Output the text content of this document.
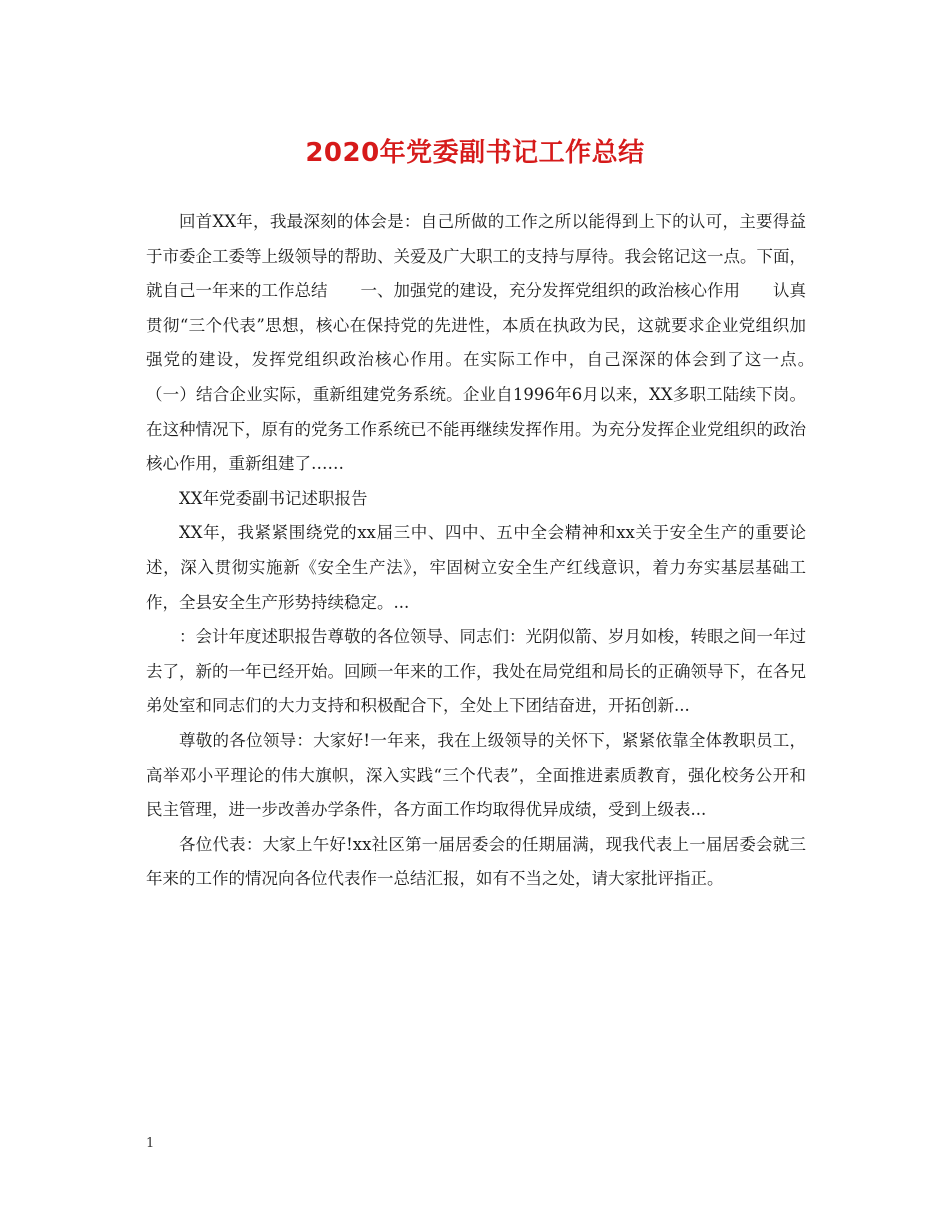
2020年党委副书记工作总结

回首XX年，我最深刻的体会是：自己所做的工作之所以能得到上下的认可，主要得益于市委企工委等上级领导的帮助、关爱及广大职工的支持与厚待。我会铭记这一点。下面，就自己一年来的工作总结　　一、加强党的建设，充分发挥党组织的政治核心作用　　认真贯彻“三个代表”思想，核心在保持党的先进性，本质在执政为民，这就要求企业党组织加强党的建设，发挥党组织政治核心作用。在实际工作中，自己深深的体会到了这一点。　　（一）结合企业实际，重新组建党务系统。企业自1996年6月以来，XX多职工陆续下岗。在这种情况下，原有的党务工作系统已不能再继续发挥作用。为充分发挥企业党组织的政治核心作用，重新组建了……

XX年党委副书记述职报告

XX年，我紧紧围绕党的xx届三中、四中、五中全会精神和xx关于安全生产的重要论述，深入贯彻实施新《安全生产法》，牢固树立安全生产红线意识，着力夯实基层基础工作，全县安全生产形势持续稳定。...

：会计年度述职报告尊敬的各位领导、同志们：光阴似箭、岁月如梭，转眼之间一年过去了，新的一年已经开始。回顾一年来的工作，我处在局党组和局长的正确领导下，在各兄弟处室和同志们的大力支持和积极配合下，全处上下团结奋进，开拓创新...

尊敬的各位领导：大家好!一年来，我在上级领导的关怀下，紧紧依靠全体教职员工，高举邓小平理论的伟大旗帜，深入实践“三个代表”，全面推进素质教育，强化校务公开和民主管理，进一步改善办学条件，各方面工作均取得优异成绩，受到上级表...

各位代表：大家上午好!xx社区第一届居委会的任期届满，现我代表上一届居委会就三年来的工作的情况向各位代表作一总结汇报，如有不当之处，请大家批评指正。

1
